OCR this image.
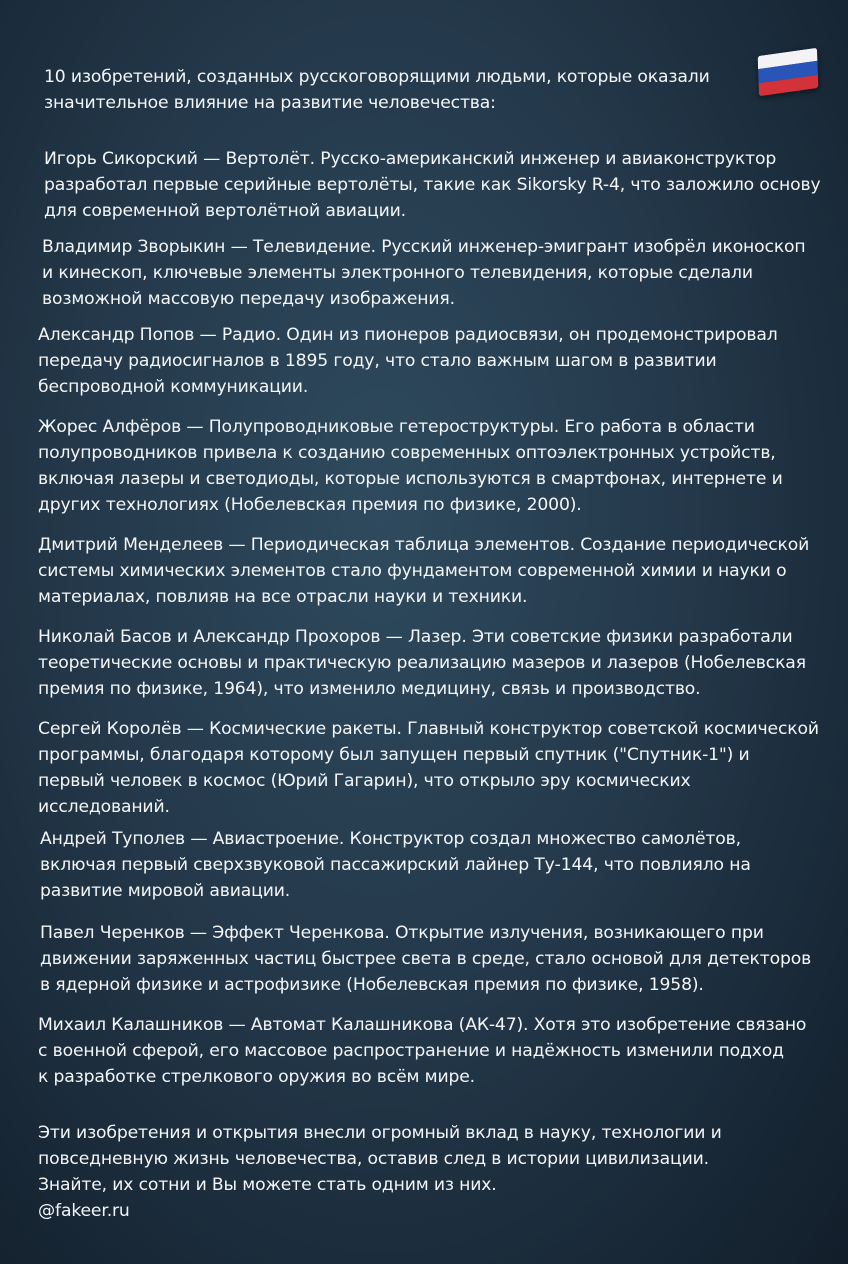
10 изобретений, созданных русскоговорящими людьми, которые оказали
значительное влияние на развитие человечества:
Игорь Сикорский — Вертолёт. Русско-американский инженер и авиаконструктор
разработал первые серийные вертолёты, такие как Sikorsky R-4, что заложило основу
для современной вертолётной авиации.
Владимир Зворыкин — Телевидение. Русский инженер-эмигрант изобрёл иконоскоп
и кинескоп, ключевые элементы электронного телевидения, которые сделали
возможной массовую передачу изображения.
Александр Попов — Радио. Один из пионеров радиосвязи, он продемонстрировал
передачу радиосигналов в 1895 году, что стало важным шагом в развитии
беспроводной коммуникации.
Жорес Алфёров — Полупроводниковые гетероструктуры. Его работа в области
полупроводников привела к созданию современных оптоэлектронных устройств,
включая лазеры и светодиоды, которые используются в смартфонах, интернете и
других технологиях (Нобелевская премия по физике, 2000).
Дмитрий Менделеев — Периодическая таблица элементов. Создание периодической
системы химических элементов стало фундаментом современной химии и науки о
материалах, повлияв на все отрасли науки и техники.
Николай Басов и Александр Прохоров — Лазер. Эти советские физики разработали
теоретические основы и практическую реализацию мазеров и лазеров (Нобелевская
премия по физике, 1964), что изменило медицину, связь и производство.
Сергей Королёв — Космические ракеты. Главный конструктор советской космической
программы, благодаря которому был запущен первый спутник ("Спутник-1") и
первый человек в космос (Юрий Гагарин), что открыло эру космических
исследований.
Андрей Туполев — Авиастроение. Конструктор создал множество самолётов,
включая первый сверхзвуковой пассажирский лайнер Ту-144, что повлияло на
развитие мировой авиации.
Павел Черенков — Эффект Черенкова. Открытие излучения, возникающего при
движении заряженных частиц быстрее света в среде, стало основой для детекторов
в ядерной физике и астрофизике (Нобелевская премия по физике, 1958).
Михаил Калашников — Автомат Калашникова (АК-47). Хотя это изобретение связано
с военной сферой, его массовое распространение и надёжность изменили подход
к разработке стрелкового оружия во всём мире.
Эти изобретения и открытия внесли огромный вклад в науку, технологии и
повседневную жизнь человечества, оставив след в истории цивилизации.
Знайте, их сотни и Вы можете стать одним из них.
@fakeer.ru
